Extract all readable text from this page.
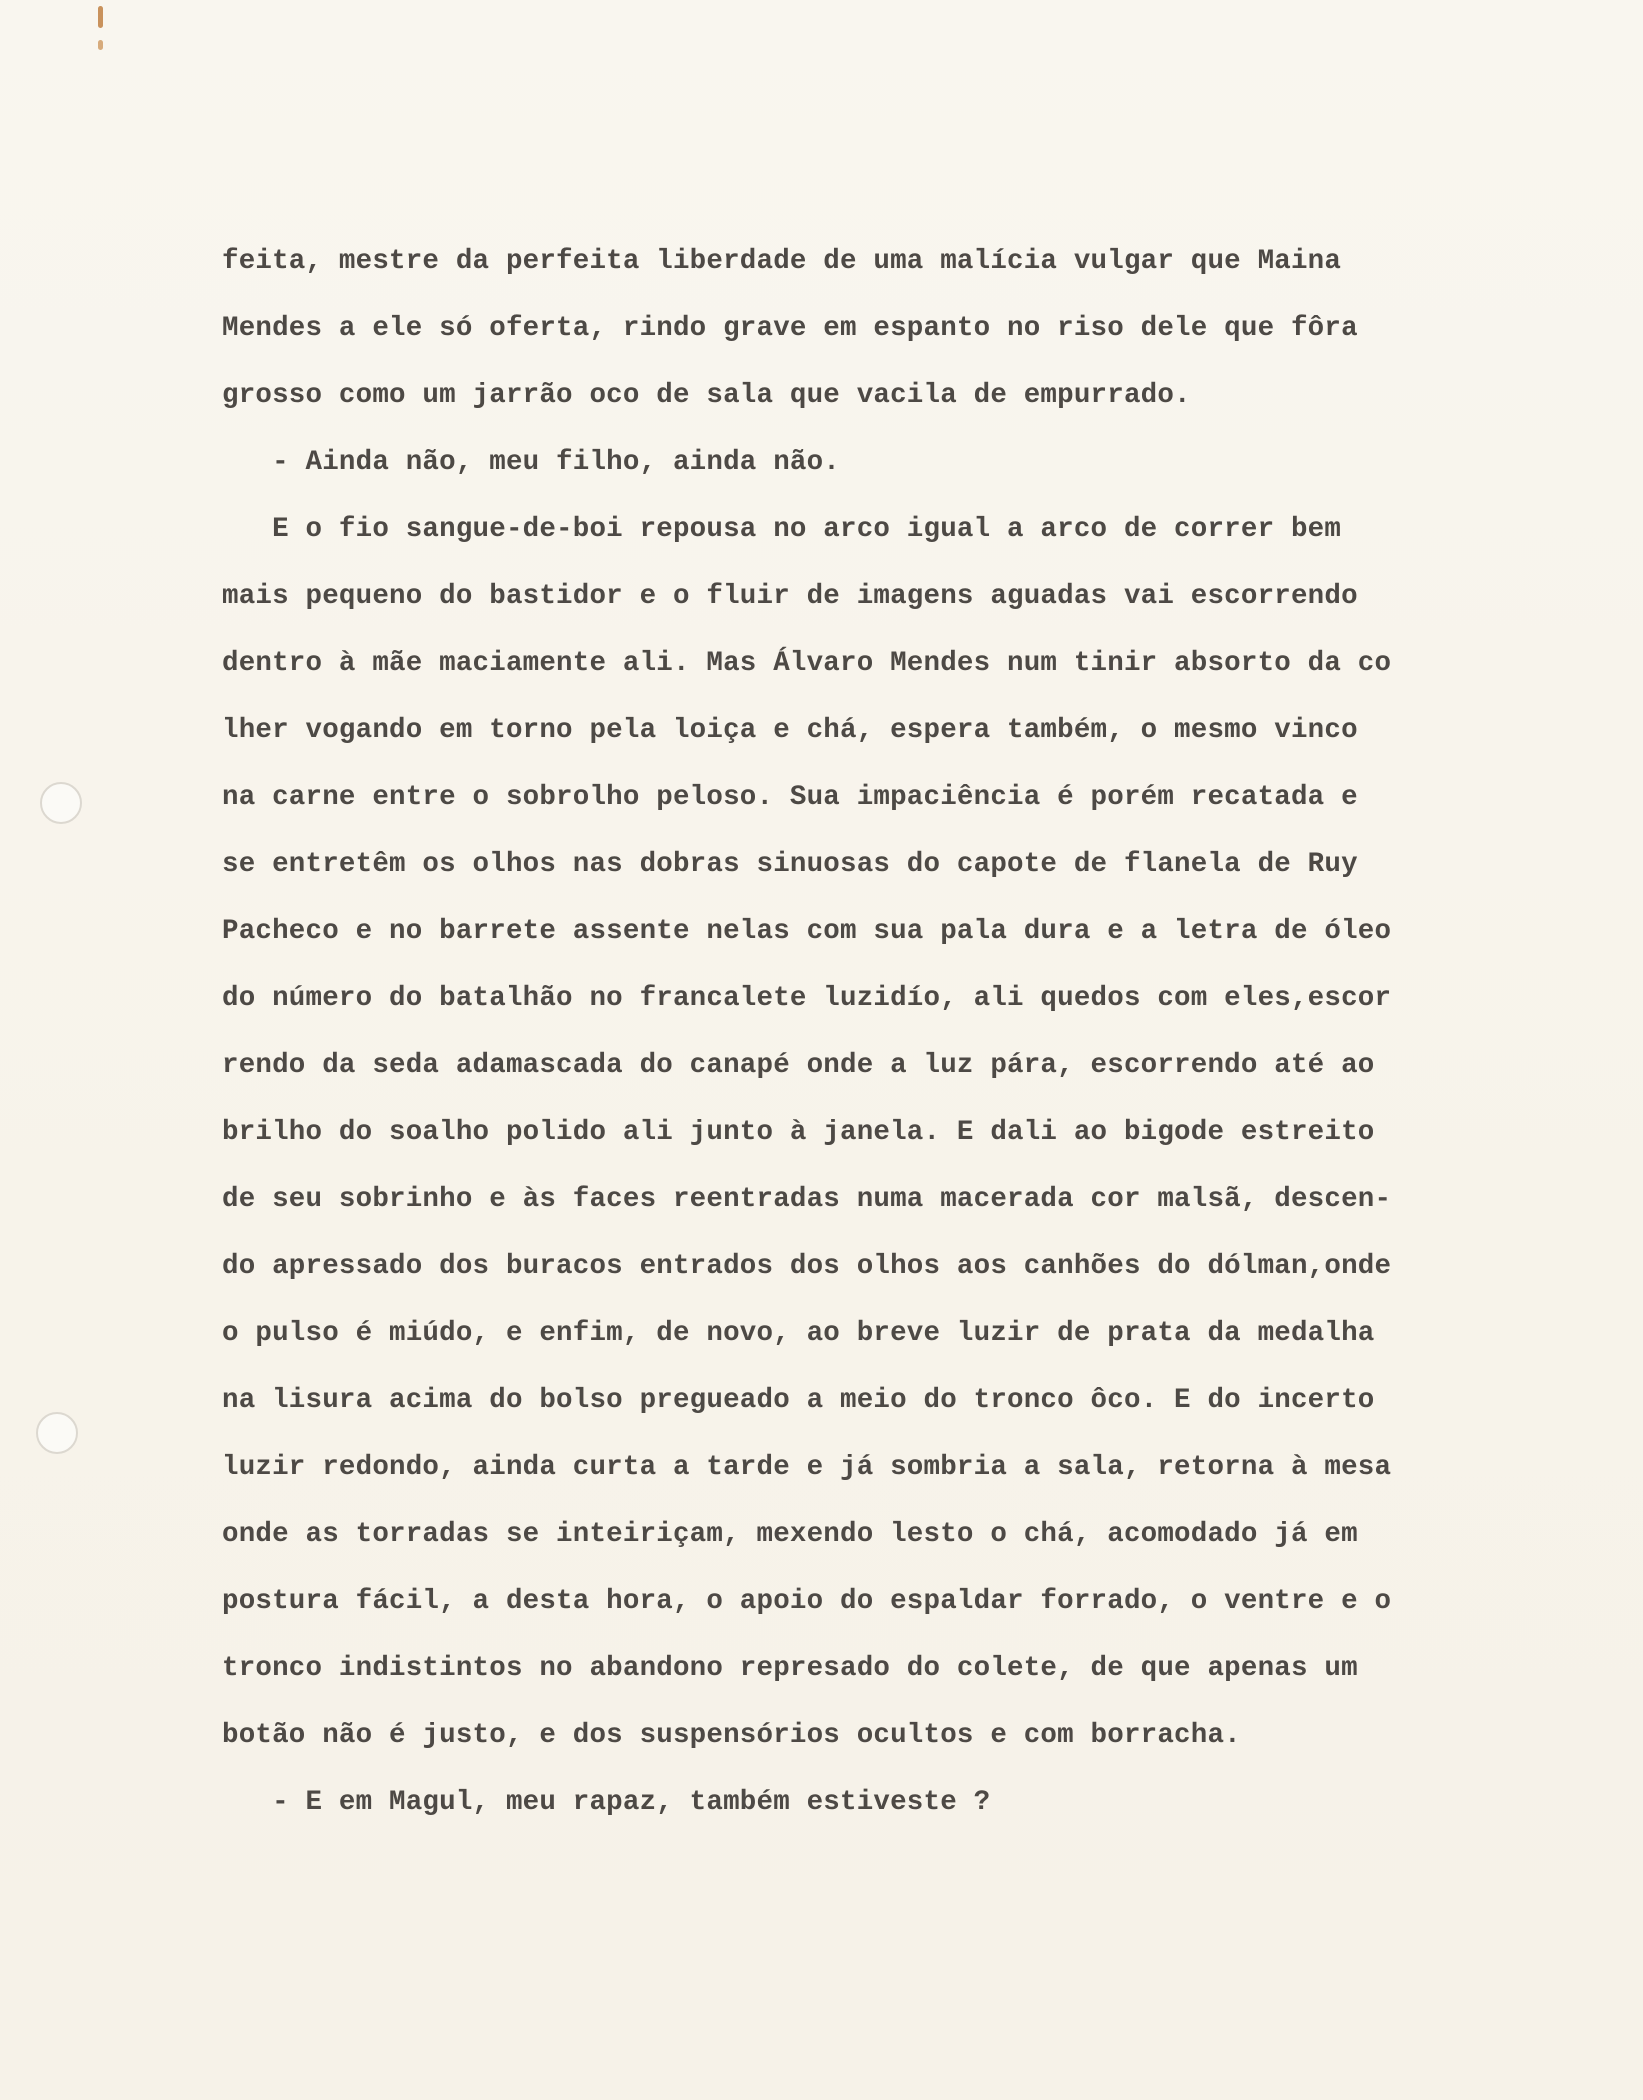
feita, mestre da perfeita liberdade de uma malícia vulgar que Maina
Mendes a ele só oferta, rindo grave em espanto no riso dele que fôra
grosso como um jarrão oco de sala que vacila de empurrado.
- Ainda não, meu filho, ainda não.
E o fio sangue-de-boi repousa no arco igual a arco de correr bem
mais pequeno do bastidor e o fluir de imagens aguadas vai escorrendo
dentro à mãe maciamente ali. Mas Álvaro Mendes num tinir absorto da co
lher vogando em torno pela loiça e chá, espera também, o mesmo vinco
na carne entre o sobrolho peloso. Sua impaciência é porém recatada e
se entretêm os olhos nas dobras sinuosas do capote de flanela de Ruy
Pacheco e no barrete assente nelas com sua pala dura e a letra de óleo
do número do batalhão no francalete luzidío, ali quedos com eles,escor
rendo da seda adamascada do canapé onde a luz pára, escorrendo até ao
brilho do soalho polido ali junto à janela. E dali ao bigode estreito
de seu sobrinho e às faces reentradas numa macerada cor malsã, descen-
do apressado dos buracos entrados dos olhos aos canhões do dólman,onde
o pulso é miúdo, e enfim, de novo, ao breve luzir de prata da medalha
na lisura acima do bolso pregueado a meio do tronco ôco. E do incerto
luzir redondo, ainda curta a tarde e já sombria a sala, retorna à mesa
onde as torradas se inteiriçam, mexendo lesto o chá, acomodado já em
postura fácil, a desta hora, o apoio do espaldar forrado, o ventre e o
tronco indistintos no abandono represado do colete, de que apenas um
botão não é justo, e dos suspensórios ocultos e com borracha.
- E em Magul, meu rapaz, também estiveste ?
